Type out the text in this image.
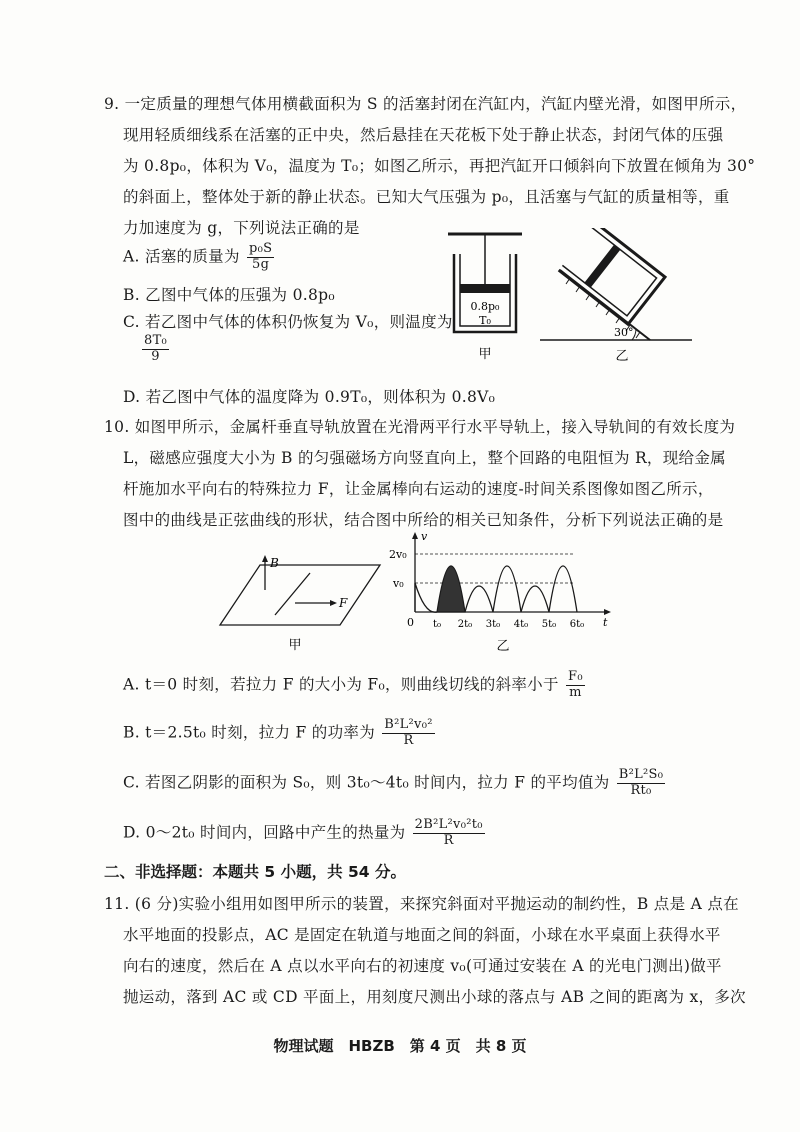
9. 一定质量的理想气体用横截面积为 S 的活塞封闭在汽缸内，汽缸内壁光滑，如图甲所示，
现用轻质细线系在活塞的正中央，然后悬挂在天花板下处于静止状态，封闭气体的压强
为 0.8p₀，体积为 V₀，温度为 T₀；如图乙所示，再把汽缸开口倾斜向下放置在倾角为 30°
的斜面上，整体处于新的静止状态。已知大气压强为 p₀，且活塞与气缸的质量相等，重
力加速度为 g，下列说法正确的是
A. 活塞的质量为 $\frac{\text{p₀S}}{5g}$
B. 乙图中气体的压强为 0.8p₀
C. 若乙图中气体的体积仍恢复为 V₀，则温度为
$\frac{\text{8T₀}}{9}$
D. 若乙图中气体的温度降为 0.9T₀，则体积为 0.8V₀
0.8p₀
T₀
甲
30°
乙
10. 如图甲所示，金属杆垂直导轨放置在光滑两平行水平导轨上，接入导轨间的有效长度为
L，磁感应强度大小为 B 的匀强磁场方向竖直向上，整个回路的电阻恒为 R，现给金属
杆施加水平向右的特殊拉力 F，让金属棒向右运动的速度-时间关系图像如图乙所示，
图中的曲线是正弦曲线的形状，结合图中所给的相关已知条件，分析下列说法正确的是
B
F
甲
v
t
0
2v₀
v₀
t₀ 2t₀ 3t₀ 4t₀ 5t₀ 6t₀
乙
A. t＝0 时刻，若拉力 F 的大小为 F₀，则曲线切线的斜率小于 $\frac{\text{F₀}}{m}$
B. t＝2.5t₀ 时刻，拉力 F 的功率为 $\frac{\text{B²L²v₀²}}{R}$
C. 若图乙阴影的面积为 S₀，则 3t₀～4t₀ 时间内，拉力 F 的平均值为 $\frac{\text{B²L²S₀}}{\text{Rt₀}}$
D. 0～2t₀ 时间内，回路中产生的热量为 $\frac{\text{2B²L²v₀²t₀}}{R}$
二、非选择题：本题共 5 小题，共 54 分。
11. (6 分)实验小组用如图甲所示的装置，来探究斜面对平抛运动的制约性，B 点是 A 点在
水平地面的投影点，AC 是固定在轨道与地面之间的斜面，小球在水平桌面上获得水平
向右的速度，然后在 A 点以水平向右的初速度 v₀(可通过安装在 A 的光电门测出)做平
抛运动，落到 AC 或 CD 平面上，用刻度尺测出小球的落点与 AB 之间的距离为 x，多次
物理试题　HBZB　第 4 页　共 8 页
